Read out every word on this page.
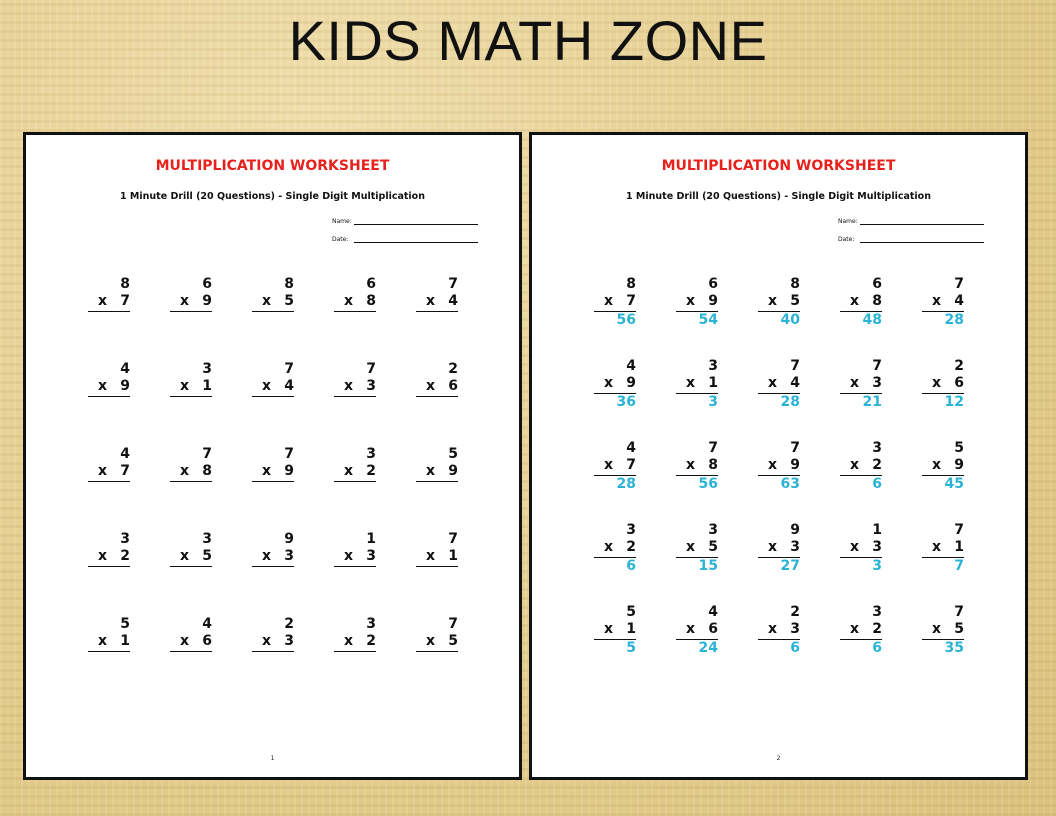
KIDS MATH ZONE
MULTIPLICATION WORKSHEET
1 Minute Drill (20 Questions) - Single Digit Multiplication
Name:
Date:
8
x 7
6
x 9
8
x 5
6
x 8
7
x 4
4
x 9
3
x 1
7
x 4
7
x 3
2
x 6
4
x 7
7
x 8
7
x 9
3
x 2
5
x 9
3
x 2
3
x 5
9
x 3
1
x 3
7
x 1
5
x 1
4
x 6
2
x 3
3
x 2
7
x 5
1
MULTIPLICATION WORKSHEET
1 Minute Drill (20 Questions) - Single Digit Multiplication
Name:
Date:
8
x 7
56
6
x 9
54
8
x 5
40
6
x 8
48
7
x 4
28
4
x 9
36
3
x 1
3
7
x 4
28
7
x 3
21
2
x 6
12
4
x 7
28
7
x 8
56
7
x 9
63
3
x 2
6
5
x 9
45
3
x 2
6
3
x 5
15
9
x 3
27
1
x 3
3
7
x 1
7
5
x 1
5
4
x 6
24
2
x 3
6
3
x 2
6
7
x 5
35
2
